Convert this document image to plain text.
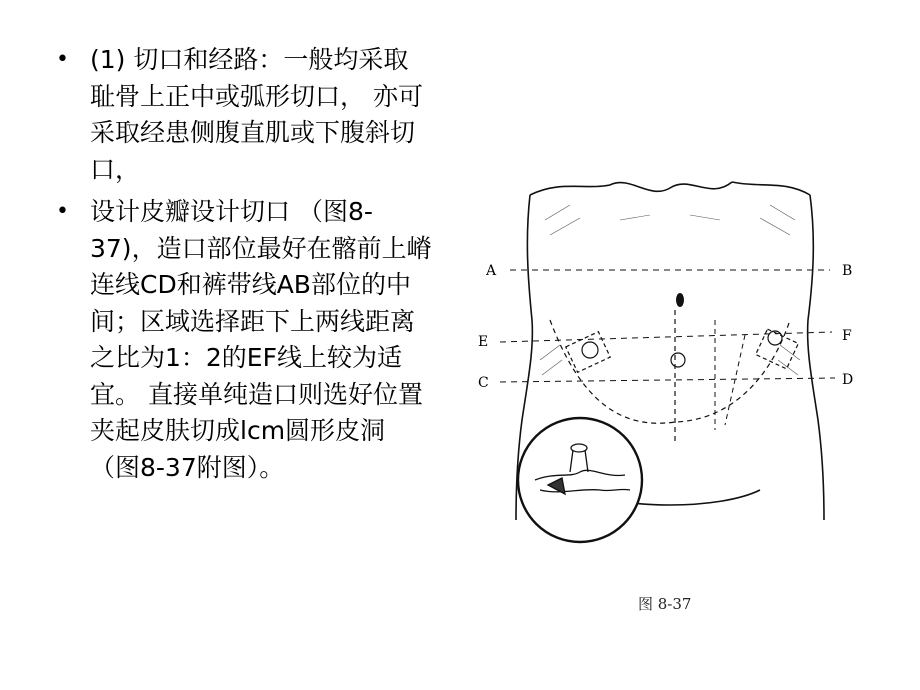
• (1) 切口和经路：一般均采取耻骨上正中或弧形切口， 亦可采取经患侧腹直肌或下腹斜切口，
• 设计皮瓣设计切口 （图8-37)，造口部位最好在髂前上嵴连线CD和裤带线AB部位的中间；区域选择距下上两线距离之比为1：2的EF线上较为适宜。 直接单纯造口则选好位置夹起皮肤切成lcm圆形皮洞（图8-37附图）。
A	B
E	F
C	D
图 8-37
